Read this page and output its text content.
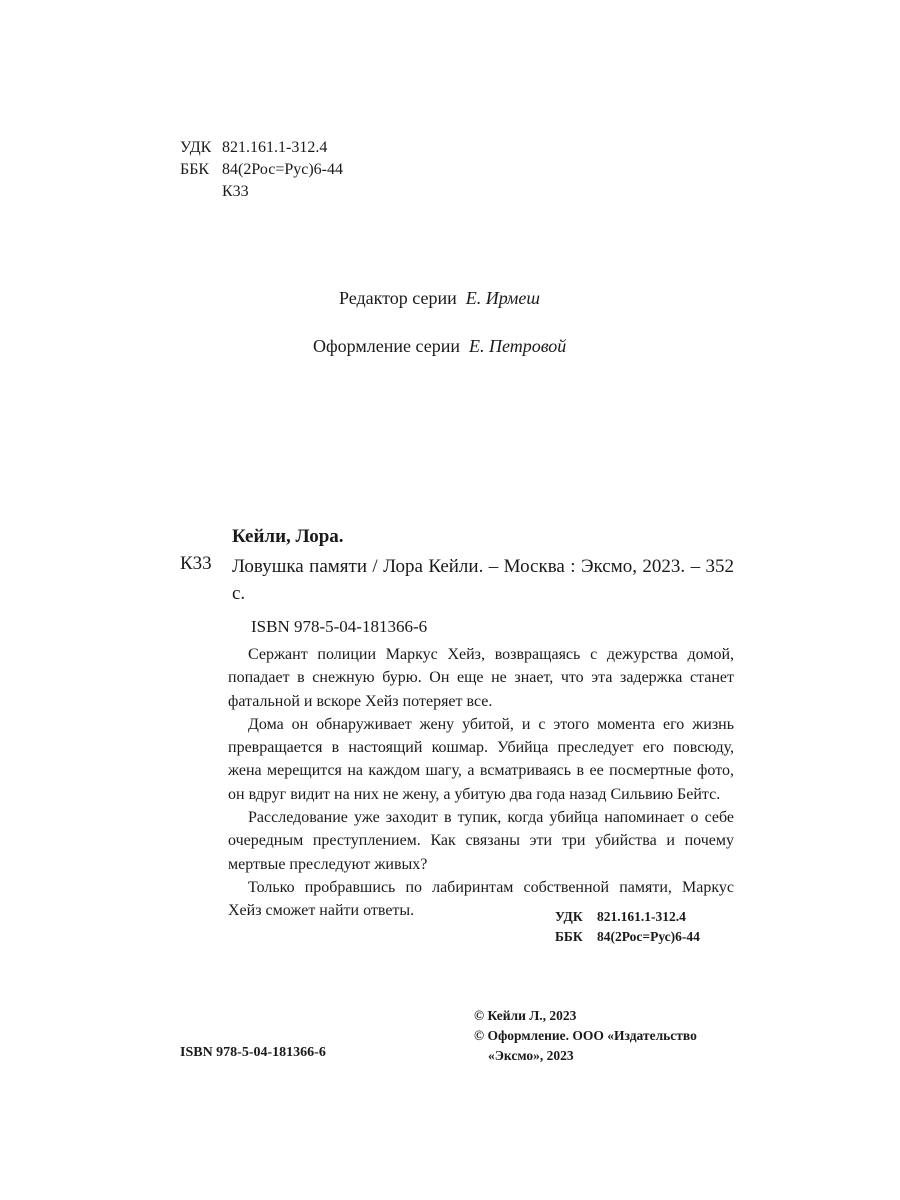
УДК 821.161.1-312.4
ББК 84(2Рос=Рус)6-44
К33
Редактор серии Е. Ирмеш
Оформление серии Е. Петровой
Кейли, Лора.
К33 Ловушка памяти / Лора Кейли. – Москва : Эксмо, 2023. – 352 с.
ISBN 978-5-04-181366-6

Сержант полиции Маркус Хейз, возвращаясь с дежурства домой, попадает в снежную бурю. Он еще не знает, что эта задержка станет фатальной и вскоре Хейз потеряет все.

Дома он обнаруживает жену убитой, и с этого момента его жизнь превращается в настоящий кошмар. Убийца преследует его повсюду, жена мерещится на каждом шагу, а всматриваясь в ее посмертные фото, он вдруг видит на них не жену, а убитую два года назад Сильвию Бейтс.

Расследование уже заходит в тупик, когда убийца напоминает о себе очередным преступлением. Как связаны эти три убийства и почему мертвые преследуют живых?

Только пробравшись по лабиринтам собственной памяти, Маркус Хейз сможет найти ответы.	УДК 821.161.1-312.4
ББК 84(2Рос=Рус)6-44
© Кейли Л., 2023
© Оформление. ООО «Издательство
«Эксмо», 2023
ISBN 978-5-04-181366-6
